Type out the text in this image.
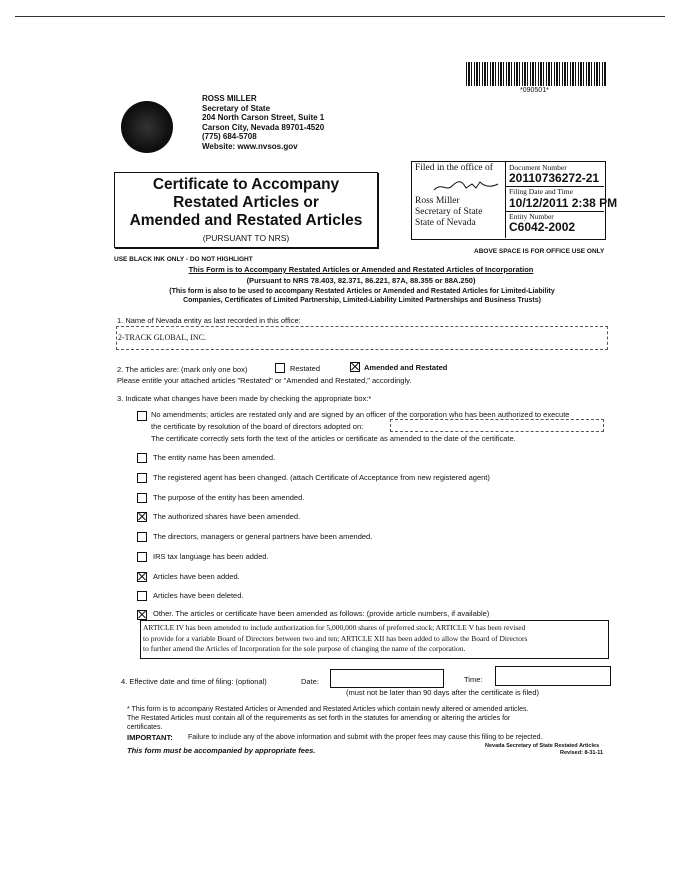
*090501*
ROSS MILLER
Secretary of State
204 North Carson Street, Suite 1
Carson City, Nevada 89701-4520
(775) 684-5708
Website: www.nvsos.gov
Certificate to Accompany
Restated Articles or
Amended and Restated Articles
(PURSUANT TO NRS)
Filed in the office of
Ross Miller
Secretary of State
State of Nevada
Document Number
20110736272-21
Filing Date and Time
10/12/2011 2:38 PM
Entity Number
C6042-2002
USE BLACK INK ONLY - DO NOT HIGHLIGHT
ABOVE SPACE IS FOR OFFICE USE ONLY
This Form is to Accompany Restated Articles or Amended and Restated Articles of Incorporation
(Pursuant to NRS 78.403, 82.371, 86.221, 87A, 88.355 or 88A.250)
(This form is also to be used to accompany Restated Articles or Amended and Restated Articles for Limited-Liability
Companies, Certificates of Limited Partnership, Limited-Liability Limited Partnerships and Business Trusts)
1. Name of Nevada entity as last recorded in this office:
2-TRACK GLOBAL, INC.
2. The articles are: (mark only one box)	Restated	Amended and Restated
Please entitle your attached articles "Restated" or "Amended and Restated," accordingly.
3. Indicate what changes have been made by checking the appropriate box:*
No amendments; articles are restated only and are signed by an officer of the corporation who has been authorized to execute
the certificate by resolution of the board of directors adopted on:
The certificate correctly sets forth the text of the articles or certificate as amended to the date of the certificate.
The entity name has been amended.
The registered agent has been changed. (attach Certificate of Acceptance from new registered agent)
The purpose of the entity has been amended.
The authorized shares have been amended.
The directors, managers or general partners have been amended.
IRS tax language has been added.
Articles have been added.
Articles have been deleted.
Other. The articles or certificate have been amended as follows: (provide article numbers, if available)
ARTICLE IV has been amended to include authorization for 5,000,000 shares of preferred stock; ARTICLE V has been revised
to provide for a variable Board of Directors between two and ten; ARTICLE XII has been added to allow the Board of Directors
to further amend the Articles of Incorporation for the sole purpose of changing the name of the corporation.
4. Effective date and time of filing: (optional)	Date:	Time:
(must not be later than 90 days after the certificate is filed)
* This form is to accompany Restated Articles or Amended and Restated Articles which contain newly altered or amended articles.
The Restated Articles must contain all of the requirements as set forth in the statutes for amending or altering the articles for
certificates.
IMPORTANT: Failure to include any of the above information and submit with the proper fees may cause this filing to be rejected.
This form must be accompanied by appropriate fees.	Nevada Secretary of State Restated Articles
Revised: 8-31-11
